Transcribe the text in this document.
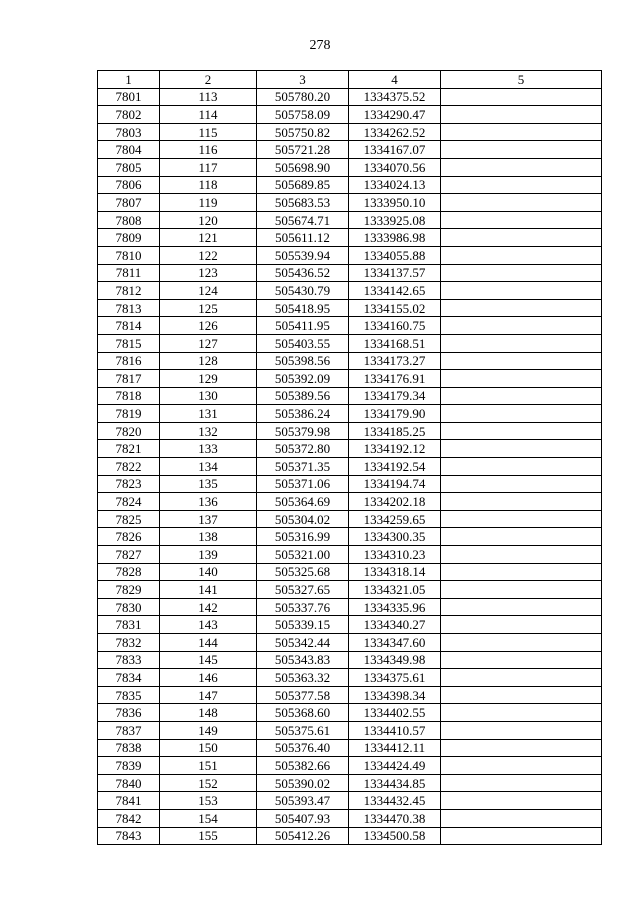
278
1	2	3	4	5
7801	113	505780.20	1334375.52	
7802	114	505758.09	1334290.47	
7803	115	505750.82	1334262.52	
7804	116	505721.28	1334167.07	
7805	117	505698.90	1334070.56	
7806	118	505689.85	1334024.13	
7807	119	505683.53	1333950.10	
7808	120	505674.71	1333925.08	
7809	121	505611.12	1333986.98	
7810	122	505539.94	1334055.88	
7811	123	505436.52	1334137.57	
7812	124	505430.79	1334142.65	
7813	125	505418.95	1334155.02	
7814	126	505411.95	1334160.75	
7815	127	505403.55	1334168.51	
7816	128	505398.56	1334173.27	
7817	129	505392.09	1334176.91	
7818	130	505389.56	1334179.34	
7819	131	505386.24	1334179.90	
7820	132	505379.98	1334185.25	
7821	133	505372.80	1334192.12	
7822	134	505371.35	1334192.54	
7823	135	505371.06	1334194.74	
7824	136	505364.69	1334202.18	
7825	137	505304.02	1334259.65	
7826	138	505316.99	1334300.35	
7827	139	505321.00	1334310.23	
7828	140	505325.68	1334318.14	
7829	141	505327.65	1334321.05	
7830	142	505337.76	1334335.96	
7831	143	505339.15	1334340.27	
7832	144	505342.44	1334347.60	
7833	145	505343.83	1334349.98	
7834	146	505363.32	1334375.61	
7835	147	505377.58	1334398.34	
7836	148	505368.60	1334402.55	
7837	149	505375.61	1334410.57	
7838	150	505376.40	1334412.11	
7839	151	505382.66	1334424.49	
7840	152	505390.02	1334434.85	
7841	153	505393.47	1334432.45	
7842	154	505407.93	1334470.38	
7843	155	505412.26	1334500.58	
